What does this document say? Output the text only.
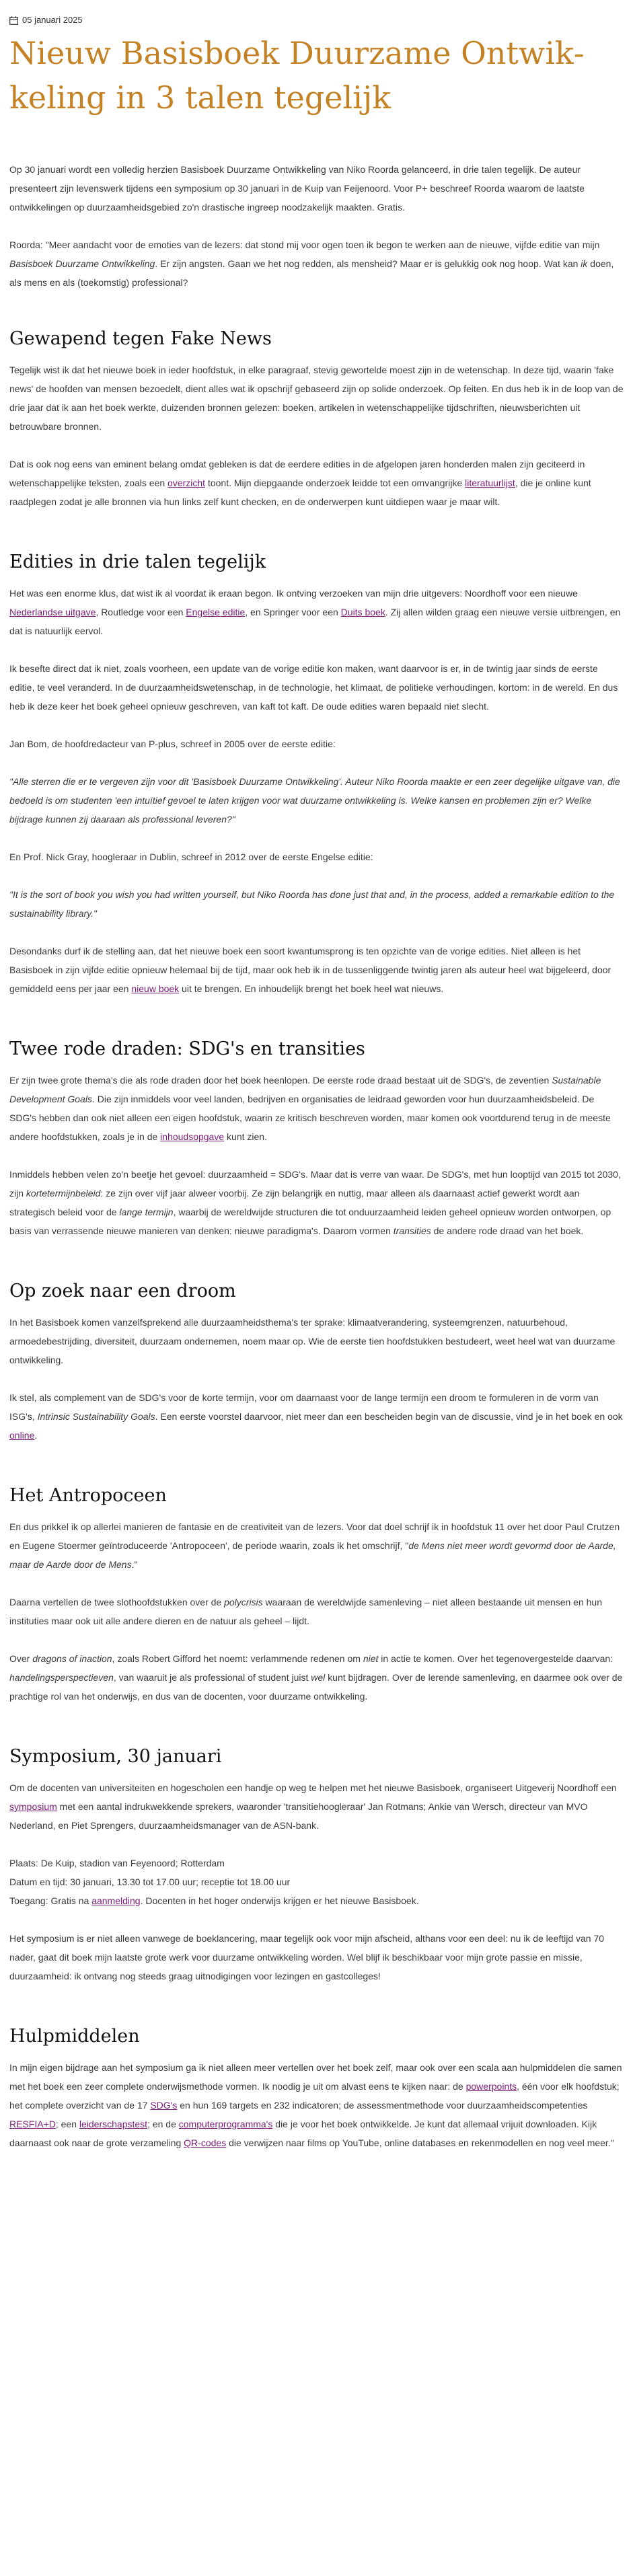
05 januari 2025
Nieuw Basisboek Duurzame Ontwikkeling in 3 talen tegelijk

Op 30 januari wordt een volledig herzien Basisboek Duurzame Ontwikkeling van Niko Roorda gelanceerd, in drie talen tegelijk. De auteur presenteert zijn levenswerk tijdens een symposium op 30 januari in de Kuip van Feijenoord. Voor P+ beschreef Roorda waarom de laatste ontwikkelingen op duurzaamheidsgebied zo'n drastische ingreep noodzakelijk maakten. Gratis.

Roorda: "Meer aandacht voor de emoties van de lezers: dat stond mij voor ogen toen ik begon te werken aan de nieuwe, vijfde editie van mijn Basisboek Duurzame Ontwikkeling. Er zijn angsten. Gaan we het nog redden, als mensheid? Maar er is gelukkig ook nog hoop. Wat kan ik doen, als mens en als (toekomstig) professional?

Gewapend tegen Fake News

Tegelijk wist ik dat het nieuwe boek in ieder hoofdstuk, in elke paragraaf, stevig gewortelde moest zijn in de wetenschap. In deze tijd, waarin 'fake news' de hoofden van mensen bezoedelt, dient alles wat ik opschrijf gebaseerd zijn op solide onderzoek. Op feiten. En dus heb ik in de loop van de drie jaar dat ik aan het boek werkte, duizenden bronnen gelezen: boeken, artikelen in wetenschappelijke tijdschriften, nieuwsberichten uit betrouwbare bronnen.

Dat is ook nog eens van eminent belang omdat gebleken is dat de eerdere edities in de afgelopen jaren honderden malen zijn geciteerd in wetenschappelijke teksten, zoals een overzicht toont. Mijn diepgaande onderzoek leidde tot een omvangrijke literatuurlijst, die je online kunt raadplegen zodat je alle bronnen via hun links zelf kunt checken, en de onderwerpen kunt uitdiepen waar je maar wilt.

Edities in drie talen tegelijk

Het was een enorme klus, dat wist ik al voordat ik eraan begon. Ik ontving verzoeken van mijn drie uitgevers: Noordhoff voor een nieuwe Nederlandse uitgave, Routledge voor een Engelse editie, en Springer voor een Duits boek. Zij allen wilden graag een nieuwe versie uitbrengen, en dat is natuurlijk eervol.

Ik besefte direct dat ik niet, zoals voorheen, een update van de vorige editie kon maken, want daarvoor is er, in de twintig jaar sinds de eerste editie, te veel veranderd. In de duurzaamheidswetenschap, in de technologie, het klimaat, de politieke verhoudingen, kortom: in de wereld. En dus heb ik deze keer het boek geheel opnieuw geschreven, van kaft tot kaft. De oude edities waren bepaald niet slecht.

Jan Bom, de hoofdredacteur van P-plus, schreef in 2005 over de eerste editie:

"Alle sterren die er te vergeven zijn voor dit 'Basisboek Duurzame Ontwikkeling'. Auteur Niko Roorda maakte er een zeer degelijke uitgave van, die bedoeld is om studenten 'een intuïtief gevoel te laten krijgen voor wat duurzame ontwikkeling is. Welke kansen en problemen zijn er? Welke bijdrage kunnen zij daaraan als professional leveren?"

En Prof. Nick Gray, hoogleraar in Dublin, schreef in 2012 over de eerste Engelse editie:

"It is the sort of book you wish you had written yourself, but Niko Roorda has done just that and, in the process, added a remarkable edition to the sustainability library."

Desondanks durf ik de stelling aan, dat het nieuwe boek een soort kwantumsprong is ten opzichte van de vorige edities. Niet alleen is het Basisboek in zijn vijfde editie opnieuw helemaal bij de tijd, maar ook heb ik in de tussenliggende twintig jaren als auteur heel wat bijgeleerd, door gemiddeld eens per jaar een nieuw boek uit te brengen. En inhoudelijk brengt het boek heel wat nieuws.

Twee rode draden: SDG's en transities

Er zijn twee grote thema's die als rode draden door het boek heenlopen. De eerste rode draad bestaat uit de SDG's, de zeventien Sustainable Development Goals. Die zijn inmiddels voor veel landen, bedrijven en organisaties de leidraad geworden voor hun duurzaamheidsbeleid. De SDG's hebben dan ook niet alleen een eigen hoofdstuk, waarin ze kritisch beschreven worden, maar komen ook voortdurend terug in de meeste andere hoofdstukken, zoals je in de inhoudsopgave kunt zien.

Inmiddels hebben velen zo'n beetje het gevoel: duurzaamheid = SDG's. Maar dat is verre van waar. De SDG's, met hun looptijd van 2015 tot 2030, zijn kortetermijnbeleid: ze zijn over vijf jaar alweer voorbij. Ze zijn belangrijk en nuttig, maar alleen als daarnaast actief gewerkt wordt aan strategisch beleid voor de lange termijn, waarbij de wereldwijde structuren die tot onduurzaamheid leiden geheel opnieuw worden ontworpen, op basis van verrassende nieuwe manieren van denken: nieuwe paradigma's. Daarom vormen transities de andere rode draad van het boek.

Op zoek naar een droom

In het Basisboek komen vanzelfsprekend alle duurzaamheidsthema's ter sprake: klimaatverandering, systeemgrenzen, natuurbehoud, armoedebestrijding, diversiteit, duurzaam ondernemen, noem maar op. Wie de eerste tien hoofdstukken bestudeert, weet heel wat van duurzame ontwikkeling.

Ik stel, als complement van de SDG's voor de korte termijn, voor om daarnaast voor de lange termijn een droom te formuleren in de vorm van ISG's, Intrinsic Sustainability Goals. Een eerste voorstel daarvoor, niet meer dan een bescheiden begin van de discussie, vind je in het boek en ook online.

Het Antropoceen

En dus prikkel ik op allerlei manieren de fantasie en de creativiteit van de lezers. Voor dat doel schrijf ik in hoofdstuk 11 over het door Paul Crutzen en Eugene Stoermer geïntroduceerde 'Antropoceen', de periode waarin, zoals ik het omschrijf, "de Mens niet meer wordt gevormd door de Aarde, maar de Aarde door de Mens."

Daarna vertellen de twee slothoofdstukken over de polycrisis waaraan de wereldwijde samenleving – niet alleen bestaande uit mensen en hun instituties maar ook uit alle andere dieren en de natuur als geheel – lijdt.

Over dragons of inaction, zoals Robert Gifford het noemt: verlammende redenen om niet in actie te komen. Over het tegenovergestelde daarvan: handelingsperspectieven, van waaruit je als professional of student juist wel kunt bijdragen. Over de lerende samenleving, en daarmee ook over de prachtige rol van het onderwijs, en dus van de docenten, voor duurzame ontwikkeling.

Symposium, 30 januari

Om de docenten van universiteiten en hogescholen een handje op weg te helpen met het nieuwe Basisboek, organiseert Uitgeverij Noordhoff een symposium met een aantal indrukwekkende sprekers, waaronder 'transitiehoogleraar' Jan Rotmans; Ankie van Wersch, directeur van MVO Nederland, en Piet Sprengers, duurzaamheidsmanager van de ASN-bank.

Plaats: De Kuip, stadion van Feyenoord; Rotterdam
Datum en tijd: 30 januari, 13.30 tot 17.00 uur; receptie tot 18.00 uur
Toegang: Gratis na aanmelding. Docenten in het hoger onderwijs krijgen er het nieuwe Basisboek.

Het symposium is er niet alleen vanwege de boeklancering, maar tegelijk ook voor mijn afscheid, althans voor een deel: nu ik de leeftijd van 70 nader, gaat dit boek mijn laatste grote werk voor duurzame ontwikkeling worden. Wel blijf ik beschikbaar voor mijn grote passie en missie, duurzaamheid: ik ontvang nog steeds graag uitnodigingen voor lezingen en gastcolleges!

Hulpmiddelen

In mijn eigen bijdrage aan het symposium ga ik niet alleen meer vertellen over het boek zelf, maar ook over een scala aan hulpmiddelen die samen met het boek een zeer complete onderwijsmethode vormen. Ik noodig je uit om alvast eens te kijken naar: de powerpoints, één voor elk hoofdstuk; het complete overzicht van de 17 SDG's en hun 169 targets en 232 indicatoren; de assessmentmethode voor duurzaamheidscompetenties RESFIA+D; een leiderschapstest; en de computerprogramma's die je voor het boek ontwikkelde. Je kunt dat allemaal vrijuit downloaden. Kijk daarnaast ook naar de grote verzameling QR-codes die verwijzen naar films op YouTube, online databases en rekenmodellen en nog veel meer."
